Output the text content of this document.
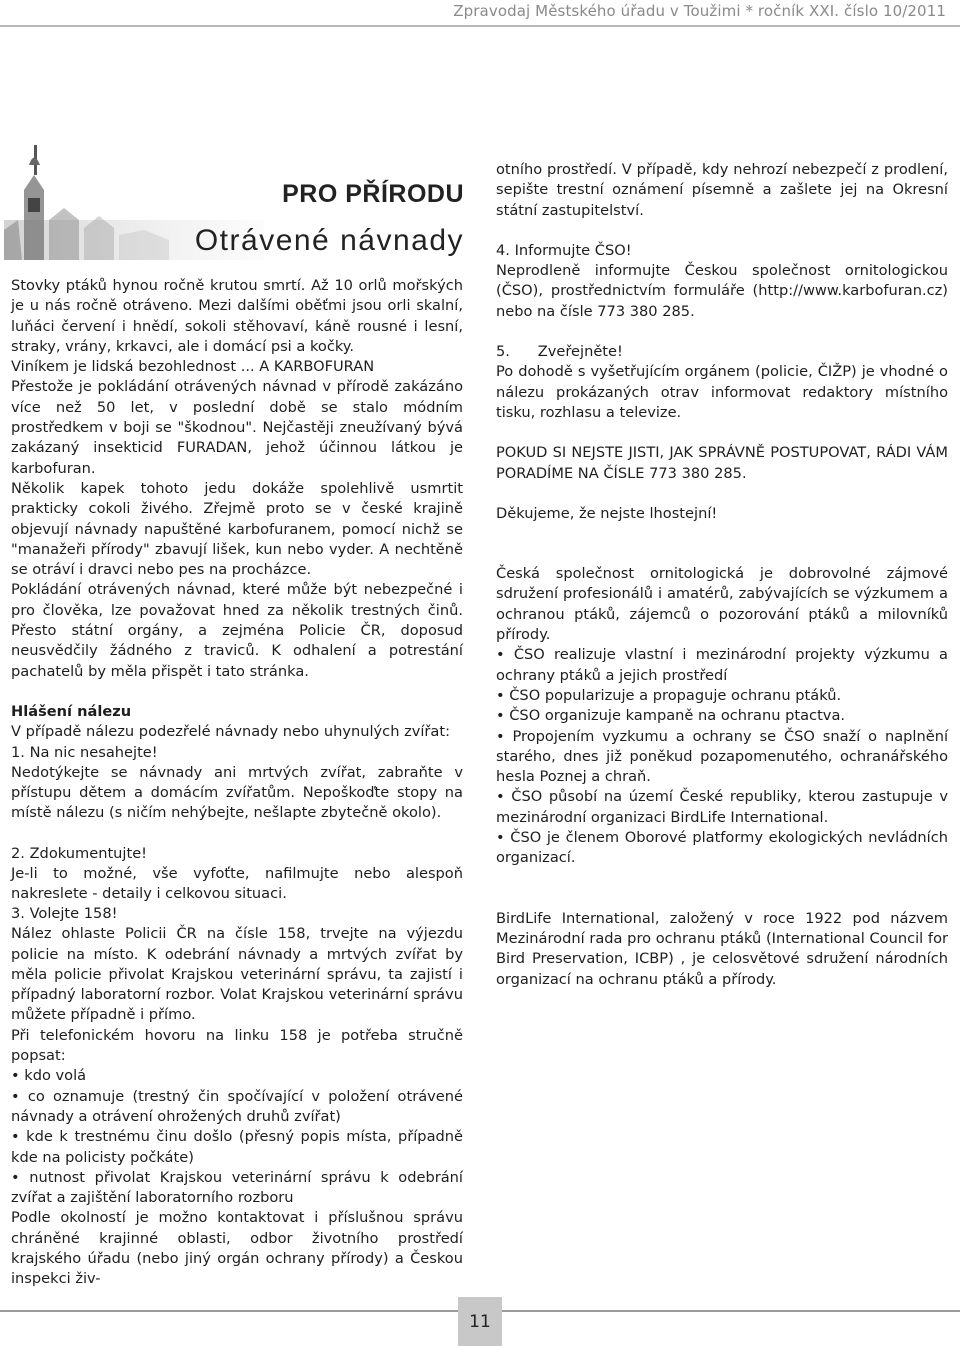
Zpravodaj Městského úřadu v Toužimi * ročník XXI. číslo 10/2011
PRO PŘÍRODU
Otrávené návnady

Stovky ptáků hynou ročně krutou smrtí. Až 10 orlů mořských je u nás ročně otráveno. Mezi dalšími oběťmi jsou orli skalní, luňáci červení i hnědí, sokoli stěhovaví, káně rousné i lesní, straky, vrány, krkavci, ale i domácí psi a kočky.

Viníkem je lidská bezohlednost ... A KARBOFURAN

Přestože je pokládání otrávených návnad v přírodě zakázáno více než 50 let, v poslední době se stalo módním prostředkem v boji se "škodnou". Nejčastěji zneužívaný bývá zakázaný insekticid FURADAN, jehož účinnou látkou je karbofuran.

Několik kapek tohoto jedu dokáže spolehlivě usmrtit prakticky cokoli živého. Zřejmě proto se v české krajině objevují návnady napuštěné karbofuranem, pomocí nichž se "manažeři přírody" zbavují lišek, kun nebo vyder. A nechtěně se otráví i dravci nebo pes na procházce.

Pokládání otrávených návnad, které může být nebezpečné i pro člověka, lze považovat hned za několik trestných činů. Přesto státní orgány, a zejména Policie ČR, doposud neusvědčily žádného z traviců. K odhalení a potrestání pachatelů by měla přispět i tato stránka.

Hlášení nálezu

V případě nálezu podezřelé návnady nebo uhynulých zvířat:

1. Na nic nesahejte!

Nedotýkejte se návnady ani mrtvých zvířat, zabraňte v přístupu dětem a domácím zvířatům. Nepoškoďte stopy na místě nálezu (s ničím nehýbejte, nešlapte zbytečně okolo).

2. Zdokumentujte!

Je-li to možné, vše vyfoťte, nafilmujte nebo alespoň nakreslete - detaily i celkovou situaci.

3. Volejte 158!

Nález ohlaste Policii ČR na čísle 158, trvejte na výjezdu policie na místo. K odebrání návnady a mrtvých zvířat by měla policie přivolat Krajskou veterinární správu, ta zajistí i případný laboratorní rozbor. Volat Krajskou veterinární správu můžete případně i přímo.

Při telefonickém hovoru na linku 158 je potřeba stručně popsat:

• kdo volá

• co oznamuje (trestný čin spočívající v položení otrávené návnady a otrávení ohrožených druhů zvířat)

• kde k trestnému činu došlo (přesný popis místa, případně kde na policisty počkáte)

• nutnost přivolat Krajskou veterinární správu k odebrání zvířat a zajištění laboratorního rozboru

Podle okolností je možno kontaktovat i příslušnou správu chráněné krajinné oblasti, odbor životního prostředí krajského úřadu (nebo jiný orgán ochrany přírody) a Českou inspekci živ-

otního prostředí. V případě, kdy nehrozí nebezpečí z prodlení, sepište trestní oznámení písemně a zašlete jej na Okresní státní zastupitelství.

4. Informujte ČSO!

Neprodleně informujte Českou společnost ornitologickou (ČSO), prostřednictvím formuláře (http://www.karbofuran.cz) nebo na čísle 773 380 285.

5.      Zveřejněte!

Po dohodě s vyšetřujícím orgánem (policie, ČIŽP) je vhodné o nálezu prokázaných otrav informovat redaktory místního tisku, rozhlasu a televize.

POKUD SI NEJSTE JISTI, JAK SPRÁVNĚ POSTUPOVAT, RÁDI VÁM PORADÍME NA ČÍSLE 773 380 285.

Děkujeme, že nejste lhostejní!

Česká společnost ornitologická je dobrovolné zájmové sdružení profesionálů i amatérů, zabývajících se výzkumem a ochranou ptáků, zájemců o pozorování ptáků a milovníků přírody.

• ČSO realizuje vlastní i mezinárodní projekty výzkumu a ochrany ptáků a jejich prostředí

• ČSO popularizuje a propaguje ochranu ptáků.

• ČSO organizuje kampaně na ochranu ptactva.

• Propojením vyzkumu a ochrany se ČSO snaží o naplnění starého, dnes již poněkud pozapomenutého, ochranářského hesla Poznej a chraň.

• ČSO působí na území České republiky, kterou zastupuje v mezinárodní organizaci BirdLife International.

• ČSO je členem Oborové platformy ekologických nevládních organizací.

BirdLife International, založený v roce 1922 pod názvem Mezinárodní rada pro ochranu ptáků (International Council for Bird Preservation, ICBP) , je celosvětové sdružení národních organizací na ochranu ptáků a přírody.

11
